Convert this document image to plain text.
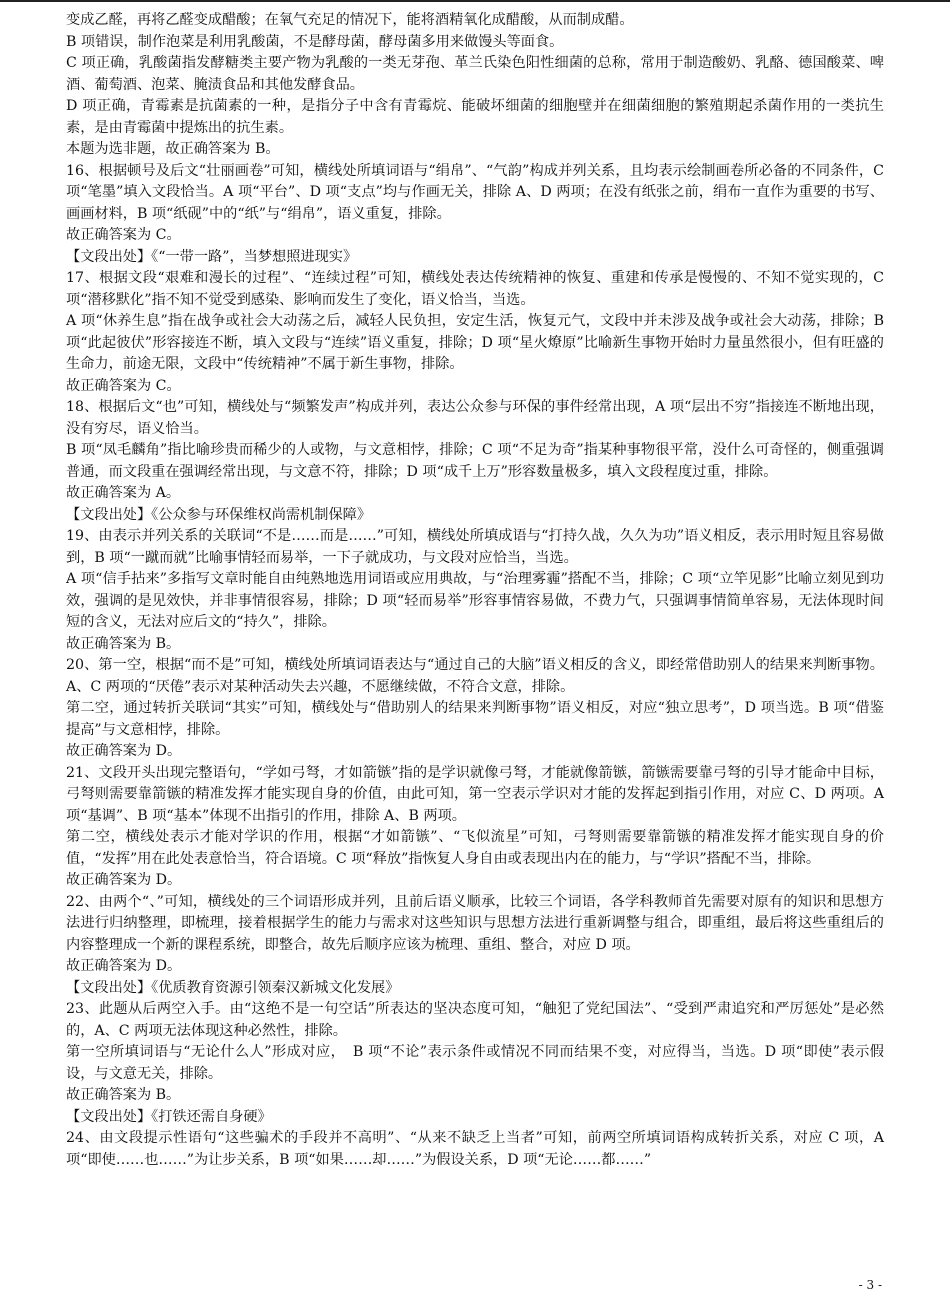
变成乙醛，再将乙醛变成醋酸；在氧气充足的情况下，能将酒精氧化成醋酸，从而制成醋。

B 项错误，制作泡菜是利用乳酸菌，不是酵母菌，酵母菌多用来做馒头等面食。

C 项正确，乳酸菌指发酵糖类主要产物为乳酸的一类无芽孢、革兰氏染色阳性细菌的总称，常用于制造酸奶、乳酪、德国酸菜、啤酒、葡萄酒、泡菜、腌渍食品和其他发酵食品。

D 项正确，青霉素是抗菌素的一种，是指分子中含有青霉烷、能破坏细菌的细胞壁并在细菌细胞的繁殖期起杀菌作用的一类抗生素，是由青霉菌中提炼出的抗生素。

本题为选非题，故正确答案为 B。

16、根据顿号及后文“壮丽画卷”可知，横线处所填词语与“绢帛”、“气韵”构成并列关系，且均表示绘制画卷所必备的不同条件，C 项“笔墨”填入文段恰当。A 项“平台”、D 项“支点”均与作画无关，排除 A、D 两项；在没有纸张之前，绢布一直作为重要的书写、画画材料，B 项“纸砚”中的“纸”与“绢帛”，语义重复，排除。

故正确答案为 C。

【文段出处】《“一带一路”，当梦想照进现实》

17、根据文段“艰难和漫长的过程”、“连续过程”可知，横线处表达传统精神的恢复、重建和传承是慢慢的、不知不觉实现的，C 项“潜移默化”指不知不觉受到感染、影响而发生了变化，语义恰当，当选。

A 项“休养生息”指在战争或社会大动荡之后，减轻人民负担，安定生活，恢复元气，文段中并未涉及战争或社会大动荡，排除；B 项“此起彼伏”形容接连不断，填入文段与“连续”语义重复，排除；D 项“星火燎原”比喻新生事物开始时力量虽然很小，但有旺盛的生命力，前途无限，文段中“传统精神”不属于新生事物，排除。

故正确答案为 C。

18、根据后文“也”可知，横线处与“频繁发声”构成并列，表达公众参与环保的事件经常出现，A 项“层出不穷”指接连不断地出现，没有穷尽，语义恰当。

B 项“凤毛麟角”指比喻珍贵而稀少的人或物，与文意相悖，排除；C 项“不足为奇”指某种事物很平常，没什么可奇怪的，侧重强调普通，而文段重在强调经常出现，与文意不符，排除；D 项“成千上万”形容数量极多，填入文段程度过重，排除。

故正确答案为 A。

【文段出处】《公众参与环保维权尚需机制保障》

19、由表示并列关系的关联词“不是……而是……”可知，横线处所填成语与“打持久战，久久为功”语义相反，表示用时短且容易做到，B 项“一蹴而就”比喻事情轻而易举，一下子就成功，与文段对应恰当，当选。

A 项“信手拈来”多指写文章时能自由纯熟地选用词语或应用典故，与“治理雾霾”搭配不当，排除；C 项“立竿见影”比喻立刻见到功效，强调的是见效快，并非事情很容易，排除；D 项“轻而易举”形容事情容易做，不费力气，只强调事情简单容易，无法体现时间短的含义，无法对应后文的“持久”，排除。

故正确答案为 B。

20、第一空，根据“而不是”可知，横线处所填词语表达与“通过自己的大脑”语义相反的含义，即经常借助别人的结果来判断事物。A、C 两项的“厌倦”表示对某种活动失去兴趣，不愿继续做，不符合文意，排除。

第二空，通过转折关联词“其实”可知，横线处与“借助别人的结果来判断事物”语义相反，对应“独立思考”，D 项当选。B 项“借鉴提高”与文意相悖，排除。

故正确答案为 D。

21、文段开头出现完整语句，“学如弓弩，才如箭镞”指的是学识就像弓弩，才能就像箭镞，箭镞需要靠弓弩的引导才能命中目标，弓弩则需要靠箭镞的精准发挥才能实现自身的价值，由此可知，第一空表示学识对才能的发挥起到指引作用，对应 C、D 两项。A 项“基调”、B 项“基本”体现不出指引的作用，排除 A、B 两项。

第二空，横线处表示才能对学识的作用，根据“才如箭镞”、“飞似流星”可知，弓弩则需要靠箭镞的精准发挥才能实现自身的价值，“发挥”用在此处表意恰当，符合语境。C 项“释放”指恢复人身自由或表现出内在的能力，与“学识”搭配不当，排除。

故正确答案为 D。

22、由两个“、”可知，横线处的三个词语形成并列，且前后语义顺承，比较三个词语，各学科教师首先需要对原有的知识和思想方法进行归纳整理，即梳理，接着根据学生的能力与需求对这些知识与思想方法进行重新调整与组合，即重组，最后将这些重组后的内容整理成一个新的课程系统，即整合，故先后顺序应该为梳理、重组、整合，对应 D 项。

故正确答案为 D。

【文段出处】《优质教育资源引领秦汉新城文化发展》

23、此题从后两空入手。由“这绝不是一句空话”所表达的坚决态度可知，“触犯了党纪国法”、“受到严肃追究和严厉惩处”是必然的，A、C 两项无法体现这种必然性，排除。

第一空所填词语与“无论什么人”形成对应，　B 项“不论”表示条件或情况不同而结果不变，对应得当，当选。D 项“即使”表示假设，与文意无关，排除。

故正确答案为 B。

【文段出处】《打铁还需自身硬》

24、由文段提示性语句“这些骗术的手段并不高明”、“从来不缺乏上当者”可知，前两空所填词语构成转折关系，对应 C 项，A 项“即使……也……”为让步关系，B 项“如果……却……”为假设关系，D 项“无论……都……”

- 3 -
